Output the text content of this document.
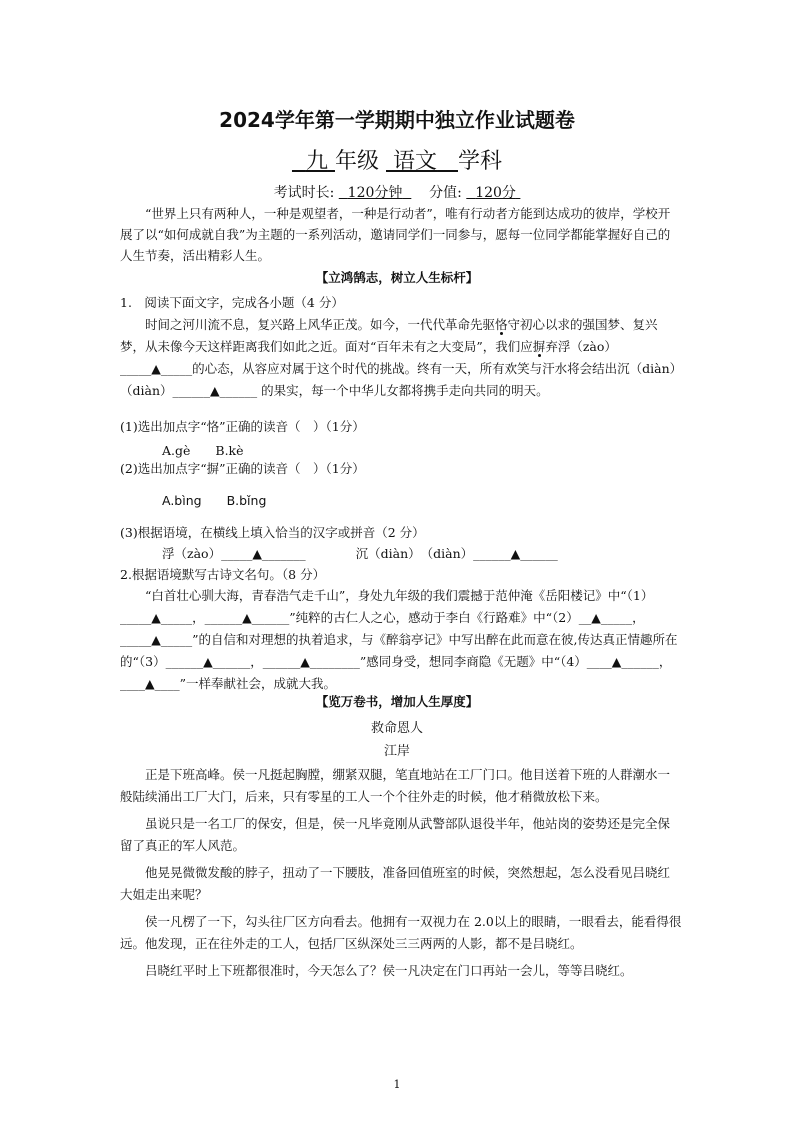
2024学年第一学期期中独立作业试题卷
九 年级 语文 学科
考试时长: 120分钟 分值: 120分
“世界上只有两种人，一种是观望者，一种是行动者”，唯有行动者方能到达成功的彼岸，学校开展了以“如何成就自我”为主题的一系列活动，邀请同学们一同参与，愿每一位同学都能掌握好自己的人生节奏，活出精彩人生。
【立鸿鹄志，树立人生标杆】
1.　阅读下面文字，完成各小题（4 分）
时间之河川流不息，复兴路上风华正茂。如今，一代代革命先驱恪守初心以求的强国梦、复兴梦，从未像今天这样距离我们如此之近。面对“百年未有之大变局”，我们应摒弃浮（zào）_____▲_____的心态，从容应对属于这个时代的挑战。终有一天，所有欢笑与汗水将会结出沉（diàn）　（diàn）______▲______ 的果实，每一个中华儿女都将携手走向共同的明天。
(1)选出加点字“恪”正确的读音（　）（1分）
A.gè　　B.kè
(2)选出加点字“摒”正确的读音（　）（1分）
A.bìng　　B.bǐng
(3)根据语境，在横线上填入恰当的汉字或拼音（2 分）
浮（zào）_____▲_______　　　　沉（diàn）　（diàn）______▲______
2.根据语境默写古诗文名句。（8 分）
“白首壮心驯大海，青春浩气走千山”，身处九年级的我们震撼于范仲淹《岳阳楼记》中“（1）_____▲_____，______▲______”纯粹的古仁人之心，感动于李白《行路难》中“（2）__▲_____，_____▲_____”的自信和对理想的执着追求，与《醉翁亭记》中写出醉在此而意在彼,传达真正情趣所在的“（3）______▲______，______▲________”感同身受，想同李商隐《无题》中“（4）____▲______，____▲____”一样奉献社会，成就大我。
【览万卷书，增加人生厚度】
救命恩人
江岸

正是下班高峰。侯一凡挺起胸膛，绷紧双腿，笔直地站在工厂门口。他目送着下班的人群潮水一般陆续涌出工厂大门，后来，只有零星的工人一个个往外走的时候，他才稍微放松下来。

虽说只是一名工厂的保安，但是，侯一凡毕竟刚从武警部队退役半年，他站岗的姿势还是完全保留了真正的军人风范。

他晃晃微微发酸的脖子，扭动了一下腰肢，准备回值班室的时候，突然想起，怎么没看见吕晓红大姐走出来呢？

侯一凡楞了一下，勾头往厂区方向看去。他拥有一双视力在 2.0以上的眼睛，一眼看去，能看得很远。他发现，正在往外走的工人，包括厂区纵深处三三两两的人影，都不是吕晓红。

吕晓红平时上下班都很准时，今天怎么了？侯一凡决定在门口再站一会儿，等等吕晓红。

1
